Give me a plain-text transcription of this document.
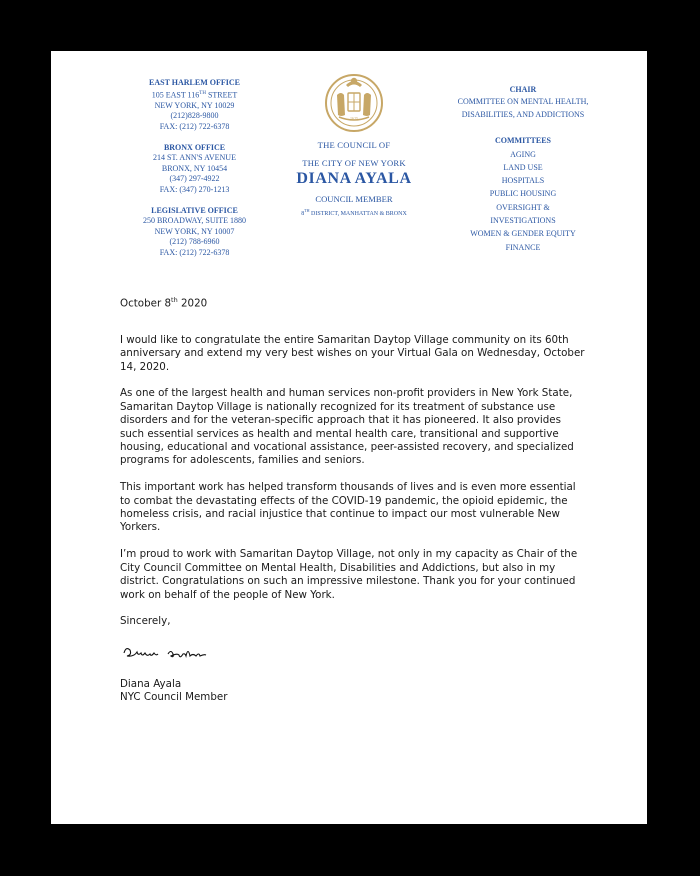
EAST HARLEM OFFICE
105 EAST 116TH STREET
NEW YORK, NY 10029
(212)828-9800
FAX: (212) 722-6378
BRONX OFFICE
214 ST. ANN'S AVENUE
BRONX, NY 10454
(347) 297-4922
FAX: (347) 270-1213
LEGISLATIVE OFFICE
250 BROADWAY, SUITE 1880
NEW YORK, NY 10007
(212) 788-6960
FAX: (212) 722-6378
1625
THE COUNCIL OF
THE CITY OF NEW YORK
DIANA AYALA
COUNCIL MEMBER
8TH DISTRICT, MANHATTAN & BRONX
CHAIR
COMMITTEE ON MENTAL HEALTH,
DISABILITIES, AND ADDICTIONS
COMMITTEES
AGING
LAND USE
HOSPITALS
PUBLIC HOUSING
OVERSIGHT &
INVESTIGATIONS
WOMEN & GENDER EQUITY
FINANCE

October 8th 2020

I would like to congratulate the entire Samaritan Daytop Village community on its 60th anniversary and extend my very best wishes on your Virtual Gala on Wednesday, October 14, 2020.

As one of the largest health and human services non-profit providers in New York State, Samaritan Daytop Village is nationally recognized for its treatment of substance use disorders and for the veteran-specific approach that it has pioneered. It also provides such essential services as health and mental health care, transitional and supportive housing, educational and vocational assistance, peer-assisted recovery, and specialized programs for adolescents, families and seniors.

This important work has helped transform thousands of lives and is even more essential to combat the devastating effects of the COVID-19 pandemic, the opioid epidemic, the homeless crisis, and racial injustice that continue to impact our most vulnerable New Yorkers.

I’m proud to work with Samaritan Daytop Village, not only in my capacity as Chair of the City Council Committee on Mental Health, Disabilities and Addictions, but also in my district. Congratulations on such an impressive milestone. Thank you for your continued work on behalf of the people of New York.

Sincerely,

Diana Ayala

NYC Council Member
